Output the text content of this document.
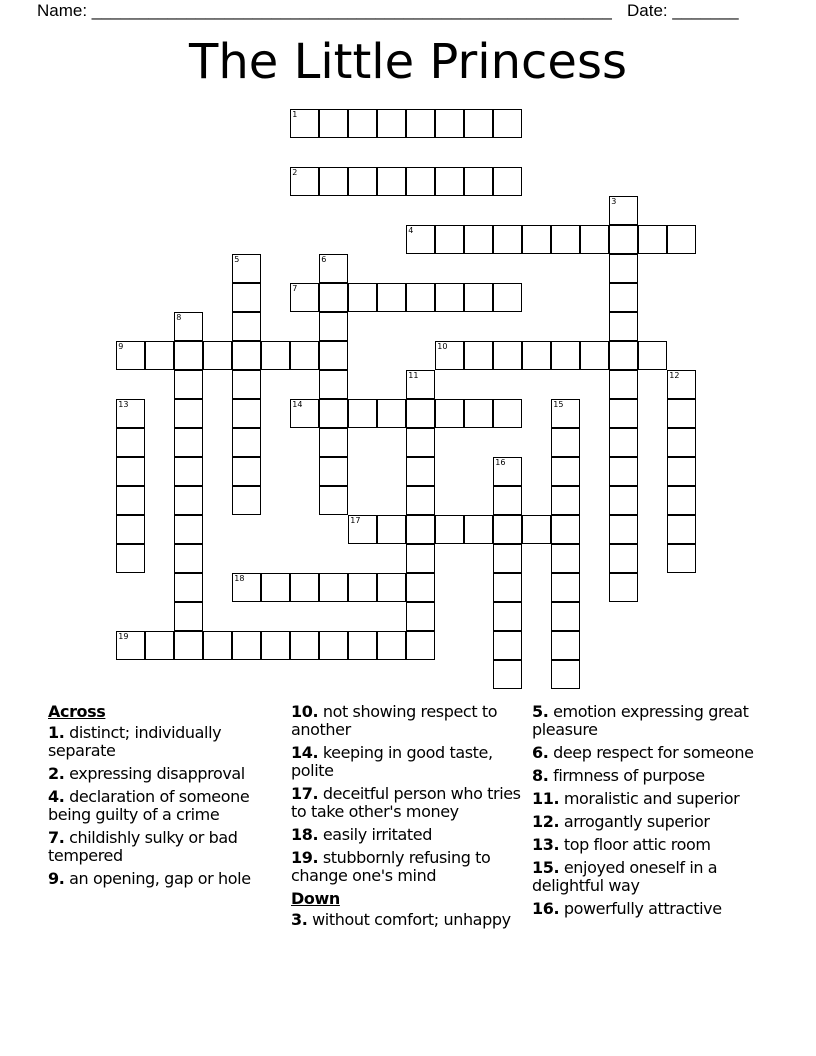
Name: _______________________________________________________ Date: _______
The Little Princess
1
2
3
4
5	6
7
8
9	10
11	12
13	14	15
16
17
18
19
Across
1. distinct; individually separate
2. expressing disapproval
4. declaration of someone being guilty of a crime
7. childishly sulky or bad tempered
9. an opening, gap or hole
10. not showing respect to another
14. keeping in good taste, polite
17. deceitful person who tries to take other's money
18. easily irritated
19. stubbornly refusing to change one's mind
Down
3. without comfort; unhappy
5. emotion expressing great pleasure
6. deep respect for someone
8. firmness of purpose
11. moralistic and superior
12. arrogantly superior
13. top floor attic room
15. enjoyed oneself in a delightful way
16. powerfully attractive
